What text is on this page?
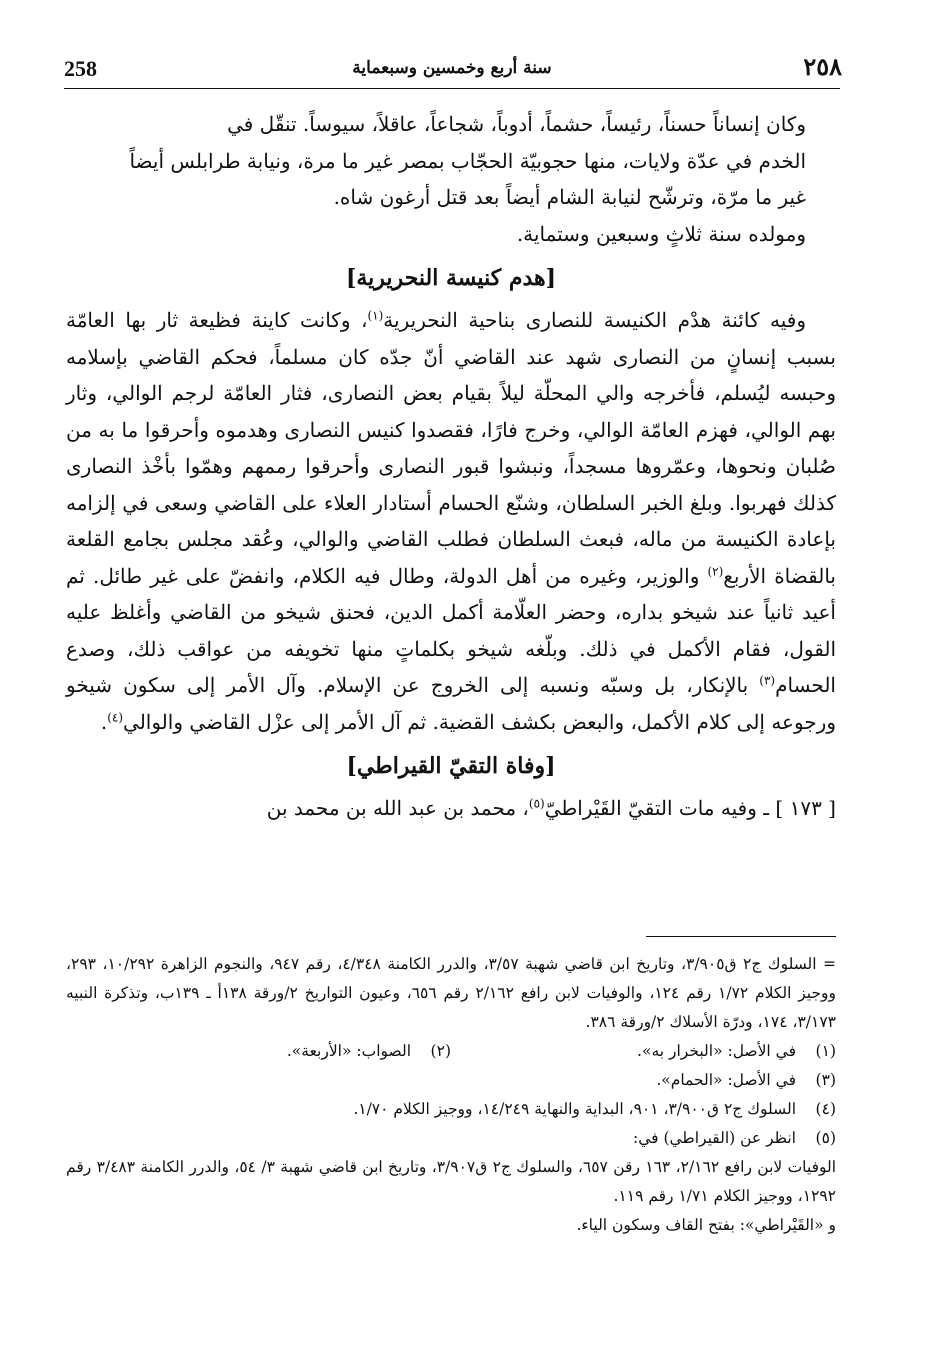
258	سنة أربع وخمسين وسبعماية	٢٥٨

وكان إنساناً حسناً، رئيساً، حشماً، أدوباً، شجاعاً، عاقلاً، سيوساً. تنقّل في
الخدم في عدّة ولايات، منها حجوبيّة الحجّاب بمصر غير ما مرة، ونيابة طرابلس أيضاً
غير ما مرّة، وترشّح لنيابة الشام أيضاً بعد قتل أرغون شاه.

ومولده سنة ثلاثٍ وسبعين وستماية.

[هدم كنيسة النحريرية]

وفيه كائنة هدْم الكنيسة للنصارى بناحية النحريرية$^{(١)}$، وكانت كاينة فظيعة ثار بها العامّة بسبب إنسانٍ من النصارى شهد عند القاضي أنّ جدّه كان مسلماً، فحكم القاضي بإسلامه وحبسه ليُسلم، فأخرجه والي المحلّة ليلاً بقيام بعض النصارى، فثار العامّة لرجم الوالي، وثار بهم الوالي، فهزم العامّة الوالي، وخرج فارًا، فقصدوا كنيس النصارى وهدموه وأحرقوا ما به من صُلبان ونحوها، وعمّروها مسجداً، ونبشوا قبور النصارى وأحرقوا رممهم وهمّوا بأخْذ النصارى كذلك فهربوا. وبلغ الخبر السلطان، وشنّع الحسام أستادار العلاء على القاضي وسعى في إلزامه بإعادة الكنيسة من ماله، فبعث السلطان فطلب القاضي والوالي، وعُقد مجلس بجامع القلعة بالقضاة الأربع$^{(٢)}$ والوزير، وغيره من أهل الدولة، وطال فيه الكلام، وانفضّ على غير طائل. ثم أعيد ثانياً عند شيخو بداره، وحضر العلّامة أكمل الدين، فحنق شيخو من القاضي وأغلظ عليه القول، فقام الأكمل في ذلك. وبلّغه شيخو بكلماتٍ منها تخويفه من عواقب ذلك، وصدع الحسام$^{(٣)}$ بالإنكار، بل وسبّه ونسبه إلى الخروج عن الإسلام. وآل الأمر إلى سكون شيخو ورجوعه إلى كلام الأكمل، والبعض بكشف القضية. ثم آل الأمر إلى عزْل القاضي والوالي$^{(٤)}$.

[وفاة التقيّ القيراطي]

[ ١٧٣ ] ـ وفيه مات التقيّ القَيْراطيّ$^{(٥)}$، محمد بن عبد الله بن محمد بن

= السلوك ج٢ ق٣/٩٠٥، وتاريخ ابن قاضي شهبة ٣/٥٧، والدرر الكامنة ٤/٣٤٨، رقم ٩٤٧، والنجوم الزاهرة ١٠/٢٩٢، ٢٩٣، ووجيز الكلام ١/٧٢ رقم ١٢٤، والوفيات لابن رافع ٢/١٦٢ رقم ٦٥٦، وعيون التواريخ ٢/ورقة ١٣٨أ ـ ١٣٩ب، وتذكرة النبيه ٣/١٧٣، ١٧٤، ودرّة الأسلاك ٢/ورقة ٣٨٦.
(١)
في الأصل: «البخرار به».
(٢)
الصواب: «الأربعة».
(٣)
في الأصل: «الحمام».
(٤)
السلوك ج٢ ق٣/٩٠٠، ٩٠١، البداية والنهاية ١٤/٢٤٩، ووجيز الكلام ١/٧٠.
(٥)
انظر عن (القيراطي) في:
الوفيات لابن رافع ٢/١٦٢، ١٦٣ رقن ٦٥٧، والسلوك ج٢ ق٣/٩٠٧، وتاريخ ابن قاضي شهبة ٣/ ٥٤، والدرر الكامنة ٣/٤٨٣ رقم ١٢٩٢، ووجيز الكلام ١/٧١ رقم ١١٩.
و «القَيْراطي»: بفتح القاف وسكون الياء.
